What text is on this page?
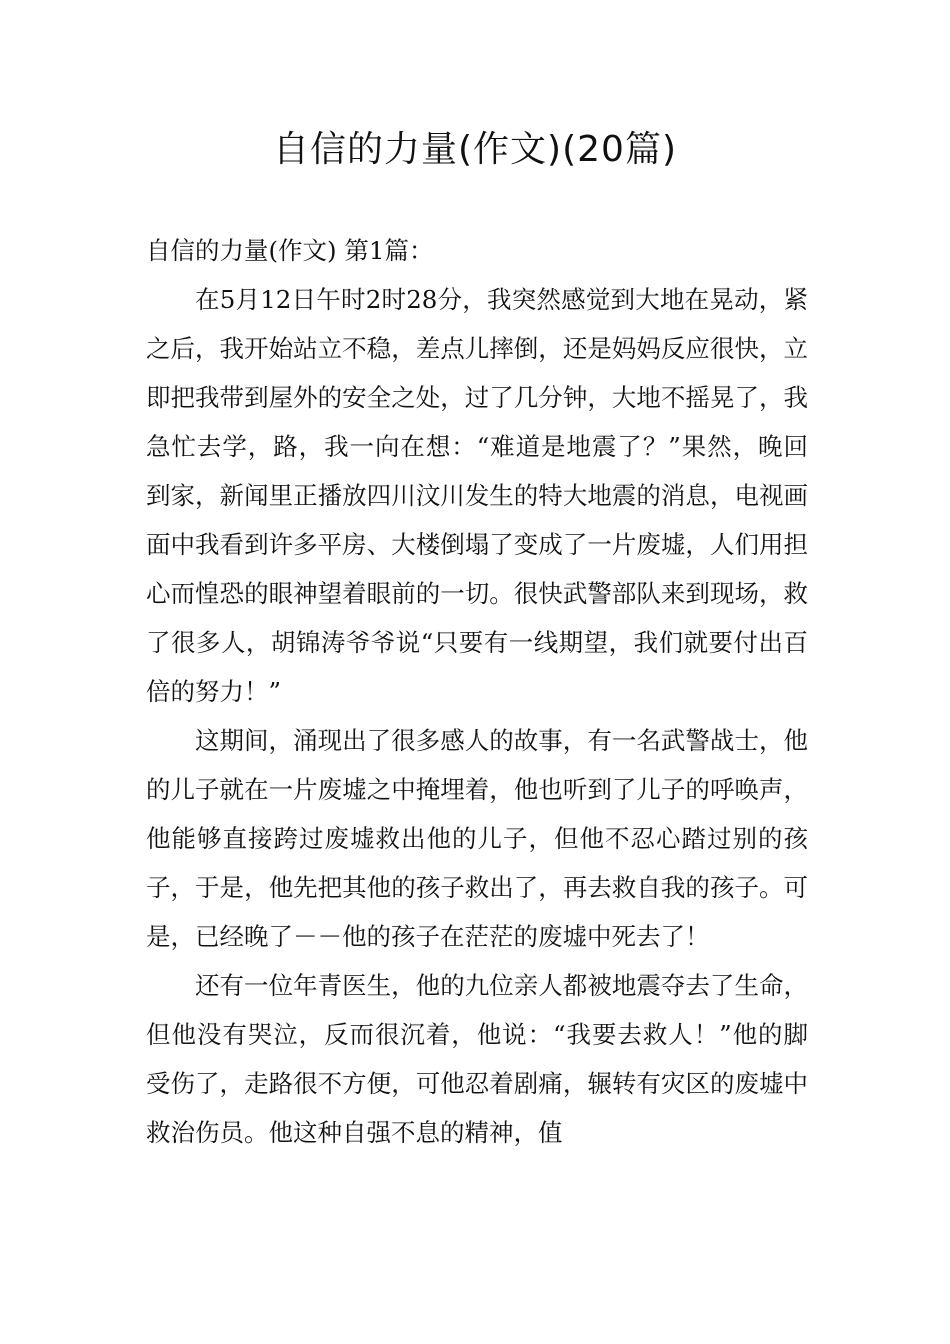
自信的力量(作文)(20篇)

自信的力量(作文) 第1篇：

在5月12日午时2时28分，我突然感觉到大地在晃动，紧之后，我开始站立不稳，差点儿摔倒，还是妈妈反应很快，立即把我带到屋外的安全之处，过了几分钟，大地不摇晃了，我急忙去学，路，我一向在想：“难道是地震了？”果然，晚回到家，新闻里正播放四川汶川发生的特大地震的消息，电视画面中我看到许多平房、大楼倒塌了变成了一片废墟，人们用担心而惶恐的眼神望着眼前的一切。很快武警部队来到现场，救了很多人，胡锦涛爷爷说“只要有一线期望，我们就要付出百倍的努力！”

这期间，涌现出了很多感人的故事，有一名武警战士，他的儿子就在一片废墟之中掩埋着，他也听到了儿子的呼唤声，他能够直接跨过废墟救出他的儿子，但他不忍心踏过别的孩子，于是，他先把其他的孩子救出了，再去救自我的孩子。可是，已经晚了－－他的孩子在茫茫的废墟中死去了！

还有一位年青医生，他的九位亲人都被地震夺去了生命，但他没有哭泣，反而很沉着，他说：“我要去救人！”他的脚受伤了，走路很不方便，可他忍着剧痛，辗转有灾区的废墟中救治伤员。他这种自强不息的精神，值
